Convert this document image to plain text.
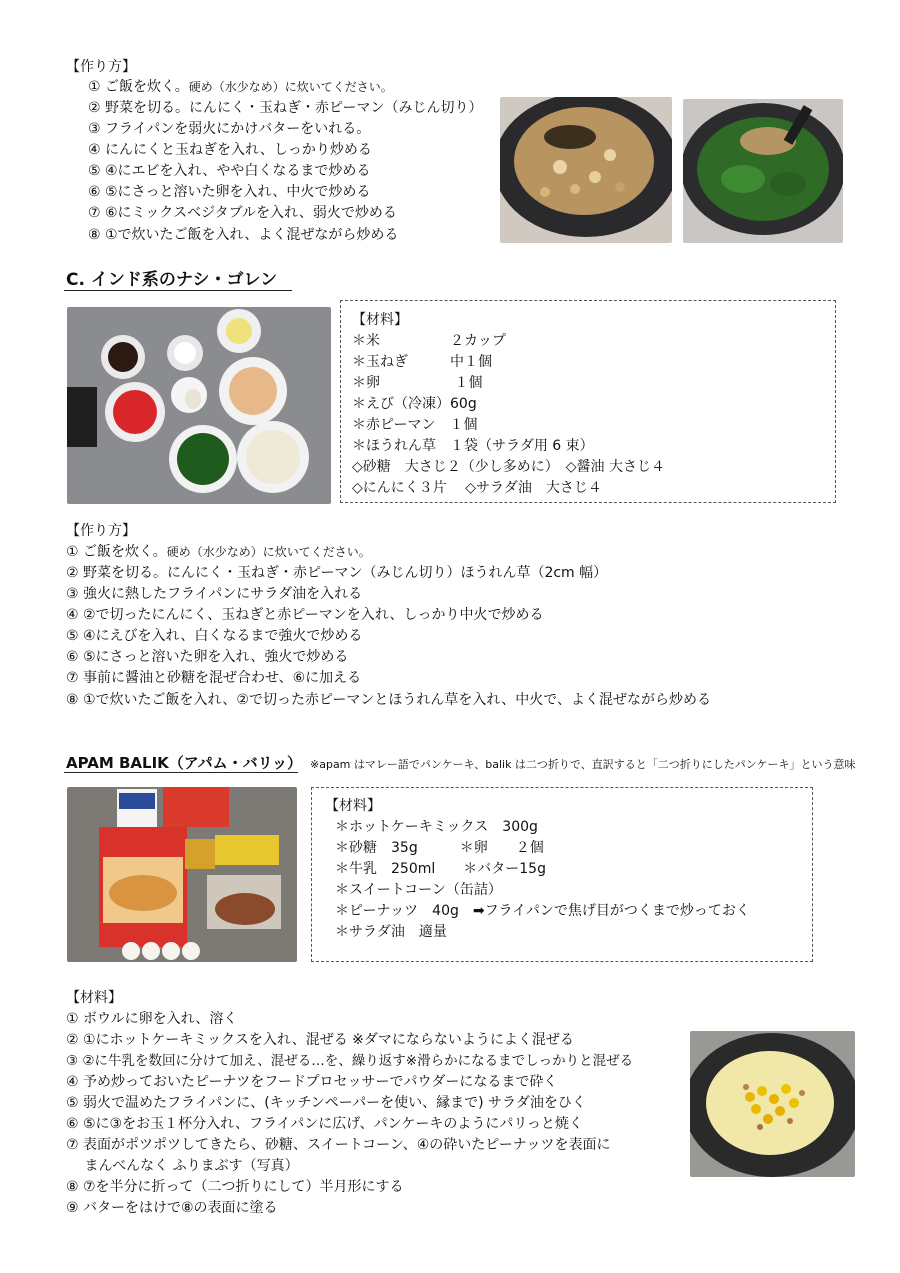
【作り方】
① ご飯を炊く。硬め（水少なめ）に炊いてください。
② 野菜を切る。にんにく・玉ねぎ・赤ピーマン（みじん切り）
③ フライパンを弱火にかけバターをいれる。
④ にんにくと玉ねぎを入れ、しっかり炒める
⑤ ④にエビを入れ、やや白くなるまで炒める
⑥ ⑤にさっと溶いた卵を入れ、中火で炒める
⑦ ⑥にミックスベジタブルを入れ、弱火で炒める
⑧ ①で炊いたご飯を入れ、よく混ぜながら炒める
C. インド系のナシ・ゴレン
【材料】
＊米　　　　　２カップ
＊玉ねぎ　　　中１個
＊卵　　　　　 １個
＊えび（冷凍）60g
＊赤ピーマン　１個
＊ほうれん草　１袋（サラダ用 6 束）
◇砂糖　大さじ２（少し多めに）　◇醤油 大さじ４
◇にんにく３片　 ◇サラダ油　大さじ４
【作り方】
① ご飯を炊く。硬め（水少なめ）に炊いてください。
② 野菜を切る。にんにく・玉ねぎ・赤ピーマン（みじん切り）ほうれん草（2cm 幅）
③ 強火に熱したフライパンにサラダ油を入れる
④ ②で切ったにんにく、玉ねぎと赤ピーマンを入れ、しっかり中火で炒める
⑤ ④にえびを入れ、白くなるまで強火で炒める
⑥ ⑤にさっと溶いた卵を入れ、強火で炒める
⑦ 事前に醤油と砂糖を混ぜ合わせ、⑥に加える
⑧ ①で炊いたご飯を入れ、②で切った赤ピーマンとほうれん草を入れ、中火で、よく混ぜながら炒める
APAM BALIK（アパム・バリッ） ※apam はマレー語でパンケーキ、balik は二つ折りで、直訳すると「二つ折りにしたパンケーキ」という意味
【材料】
＊ホットケーキミックス　300g
＊砂糖　35g　　　＊卵　　２個
＊牛乳　250ml　　＊バター15g
＊スイートコーン（缶詰）
＊ピーナッツ　40g　➡フライパンで焦げ目がつくまで炒っておく
＊サラダ油　適量
【材料】
① ボウルに卵を入れ、溶く
② ①にホットケーキミックスを入れ、混ぜる ※ダマにならないようによく混ぜる
③ ②に牛乳を数回に分けて加え、混ぜる…を、繰り返す※滑らかになるまでしっかりと混ぜる
④ 予め炒っておいたピーナツをフードプロセッサーでパウダーになるまで砕く
⑤ 弱火で温めたフライパンに、(キッチンペーパーを使い、縁まで) サラダ油をひく
⑥ ⑤に③をお玉１杯分入れ、フライパンに広げ、パンケーキのようにパリっと焼く
⑦ 表面がポツポツしてきたら、砂糖、スイートコーン、④の砕いたピーナッツを表面に
　 まんべんなく ふりまぶす（写真）
⑧ ⑦を半分に折って（二つ折りにして）半月形にする
⑨ バターをはけで⑧の表面に塗る
